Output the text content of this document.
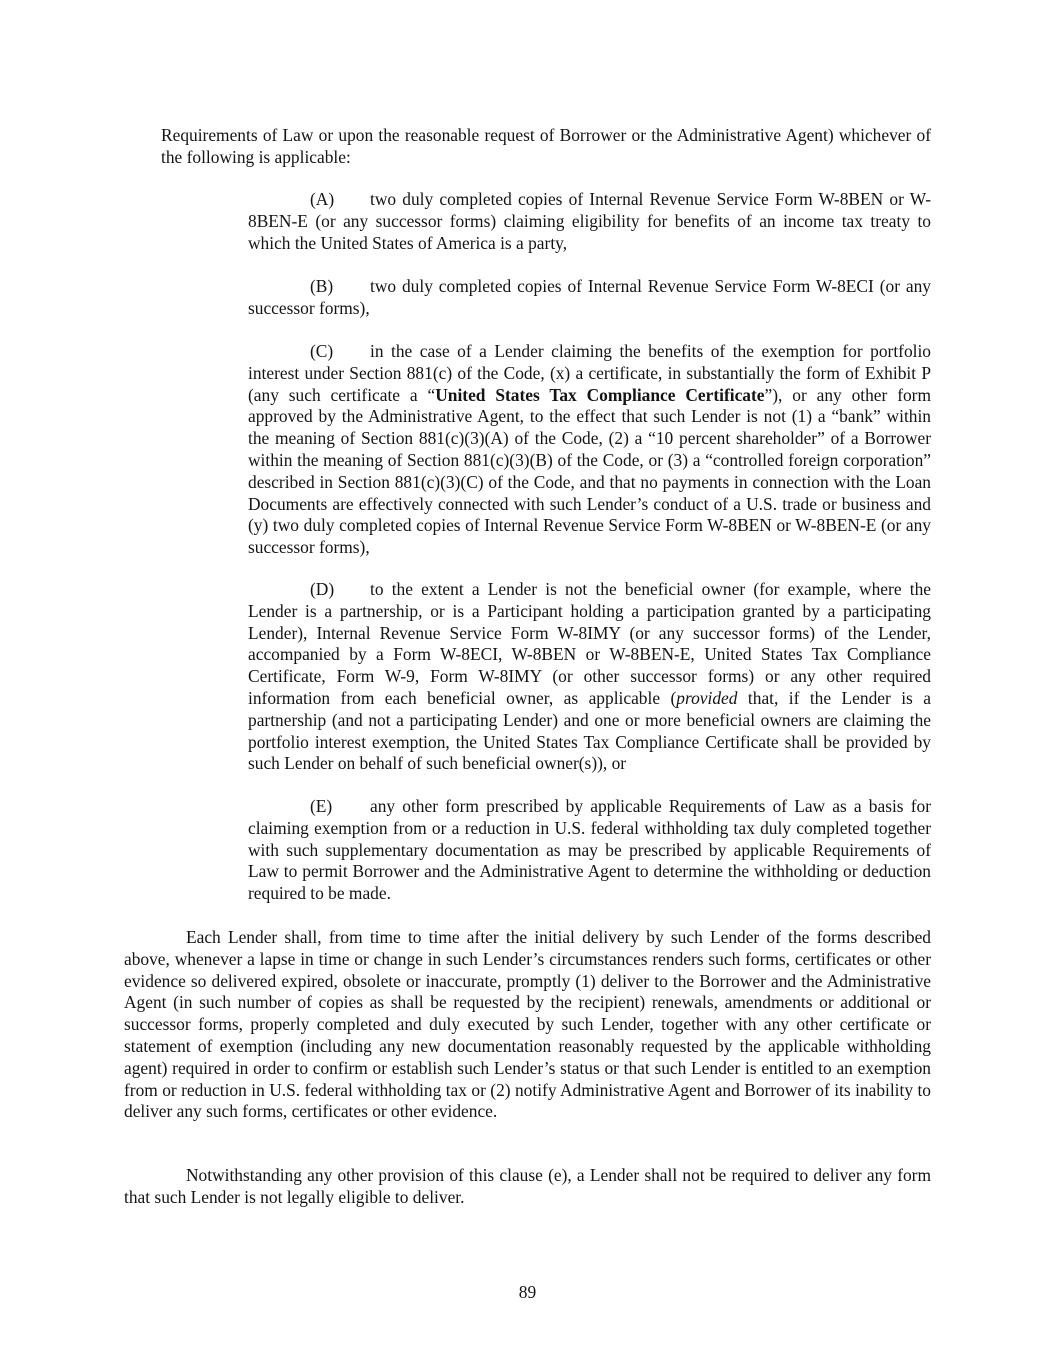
Requirements of Law or upon the reasonable request of Borrower or the Administrative Agent) whichever of the following is applicable:

(A) two duly completed copies of Internal Revenue Service Form W-8BEN or W-8BEN-E (or any successor forms) claiming eligibility for benefits of an income tax treaty to which the United States of America is a party,

(B) two duly completed copies of Internal Revenue Service Form W-8ECI (or any successor forms),

(C) in the case of a Lender claiming the benefits of the exemption for portfolio interest under Section 881(c) of the Code, (x) a certificate, in substantially the form of Exhibit P (any such certificate a “United States Tax Compliance Certificate”), or any other form approved by the Administrative Agent, to the effect that such Lender is not (1) a “bank” within the meaning of Section 881(c)(3)(A) of the Code, (2) a “10 percent shareholder” of a Borrower within the meaning of Section 881(c)(3)(B) of the Code, or (3) a “controlled foreign corporation” described in Section 881(c)(3)(C) of the Code, and that no payments in connection with the Loan Documents are effectively connected with such Lender’s conduct of a U.S. trade or business and (y) two duly completed copies of Internal Revenue Service Form W-8BEN or W-8BEN-E (or any successor forms),

(D) to the extent a Lender is not the beneficial owner (for example, where the Lender is a partnership, or is a Participant holding a participation granted by a participating Lender), Internal Revenue Service Form W-8IMY (or any successor forms) of the Lender, accompanied by a Form W-8ECI, W-8BEN or W-8BEN-E, United States Tax Compliance Certificate, Form W-9, Form W-8IMY (or other successor forms) or any other required information from each beneficial owner, as applicable (provided that, if the Lender is a partnership (and not a participating Lender) and one or more beneficial owners are claiming the portfolio interest exemption, the United States Tax Compliance Certificate shall be provided by such Lender on behalf of such beneficial owner(s)), or

(E) any other form prescribed by applicable Requirements of Law as a basis for claiming exemption from or a reduction in U.S. federal withholding tax duly completed together with such supplementary documentation as may be prescribed by applicable Requirements of Law to permit Borrower and the Administrative Agent to determine the withholding or deduction required to be made.

Each Lender shall, from time to time after the initial delivery by such Lender of the forms described above, whenever a lapse in time or change in such Lender’s circumstances renders such forms, certificates or other evidence so delivered expired, obsolete or inaccurate, promptly (1) deliver to the Borrower and the Administrative Agent (in such number of copies as shall be requested by the recipient) renewals, amendments or additional or successor forms, properly completed and duly executed by such Lender, together with any other certificate or statement of exemption (including any new documentation reasonably requested by the applicable withholding agent) required in order to confirm or establish such Lender’s status or that such Lender is entitled to an exemption from or reduction in U.S. federal withholding tax or (2) notify Administrative Agent and Borrower of its inability to deliver any such forms, certificates or other evidence.

Notwithstanding any other provision of this clause (e), a Lender shall not be required to deliver any form that such Lender is not legally eligible to deliver.

89
